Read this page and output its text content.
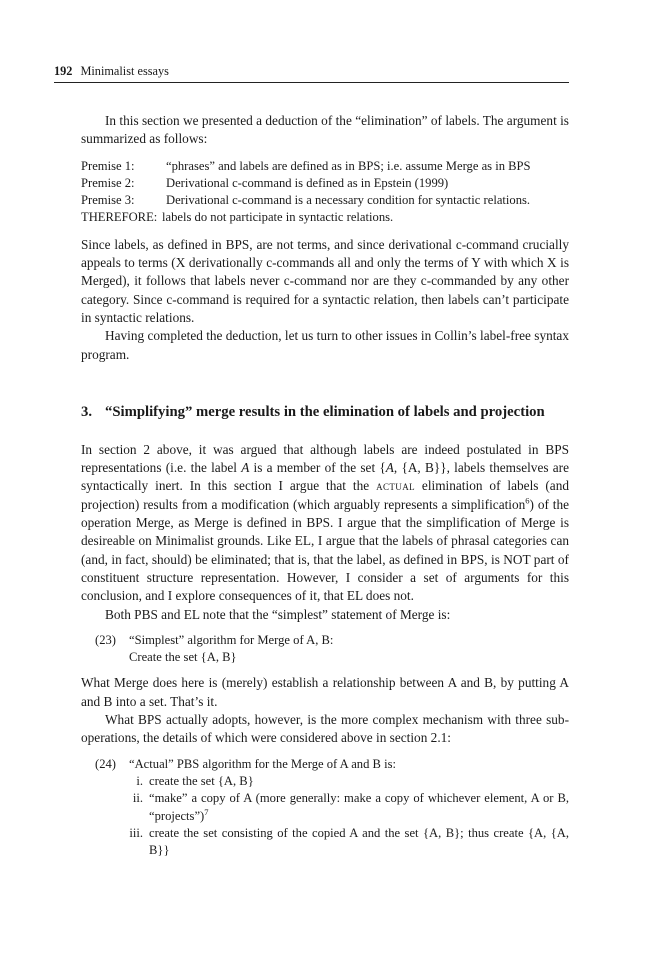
192 Minimalist essays

In this section we presented a deduction of the “elimination” of labels. The argument is summarized as follows:

Premise 1:	“phrases” and labels are defined as in BPS; i.e. assume Merge as in BPS
Premise 2:	Derivational c-command is defined as in Epstein (1999)
Premise 3:	Derivational c-command is a necessary condition for syntactic relations.
THEREFORE: labels do not participate in syntactic relations.

Since labels, as defined in BPS, are not terms, and since derivational c-command crucially appeals to terms (X derivationally c-commands all and only the terms of Y with which X is Merged), it follows that labels never c-command nor are they c-commanded by any other category. Since c-command is required for a syntactic relation, then labels can’t participate in syntactic relations.

Having completed the deduction, let us turn to other issues in Collin’s label-free syntax program.

3. “Simplifying” merge results in the elimination of labels and projection

In section 2 above, it was argued that although labels are indeed postulated in BPS representations (i.e. the label A is a member of the set {A, {A, B}}, labels themselves are syntactically inert. In this section I argue that the actual elimination of labels (and projection) results from a modification (which arguably represents a simplification$^6$) of the operation Merge, as Merge is defined in BPS. I argue that the simplification of Merge is desireable on Minimalist grounds. Like EL, I argue that the labels of phrasal categories can (and, in fact, should) be eliminated; that is, that the label, as defined in BPS, is NOT part of constituent structure representation. However, I consider a set of arguments for this conclusion, and I explore consequences of it, that EL does not.

Both PBS and EL note that the “simplest” statement of Merge is:

(23)	“Simplest” algorithm for Merge of A, B:
Create the set {A, B}

What Merge does here is (merely) establish a relationship between A and B, by putting A and B into a set. That’s it.

What BPS actually adopts, however, is the more complex mechanism with three sub-operations, the details of which were considered above in section 2.1:

(24)	“Actual” PBS algorithm for the Merge of A and B is:
i. create the set {A, B}
ii. “make” a copy of A (more generally: make a copy of whichever element, A or B, “projects”)$^7$
iii. create the set consisting of the copied A and the set {A, B}; thus create {A, {A, B}}
